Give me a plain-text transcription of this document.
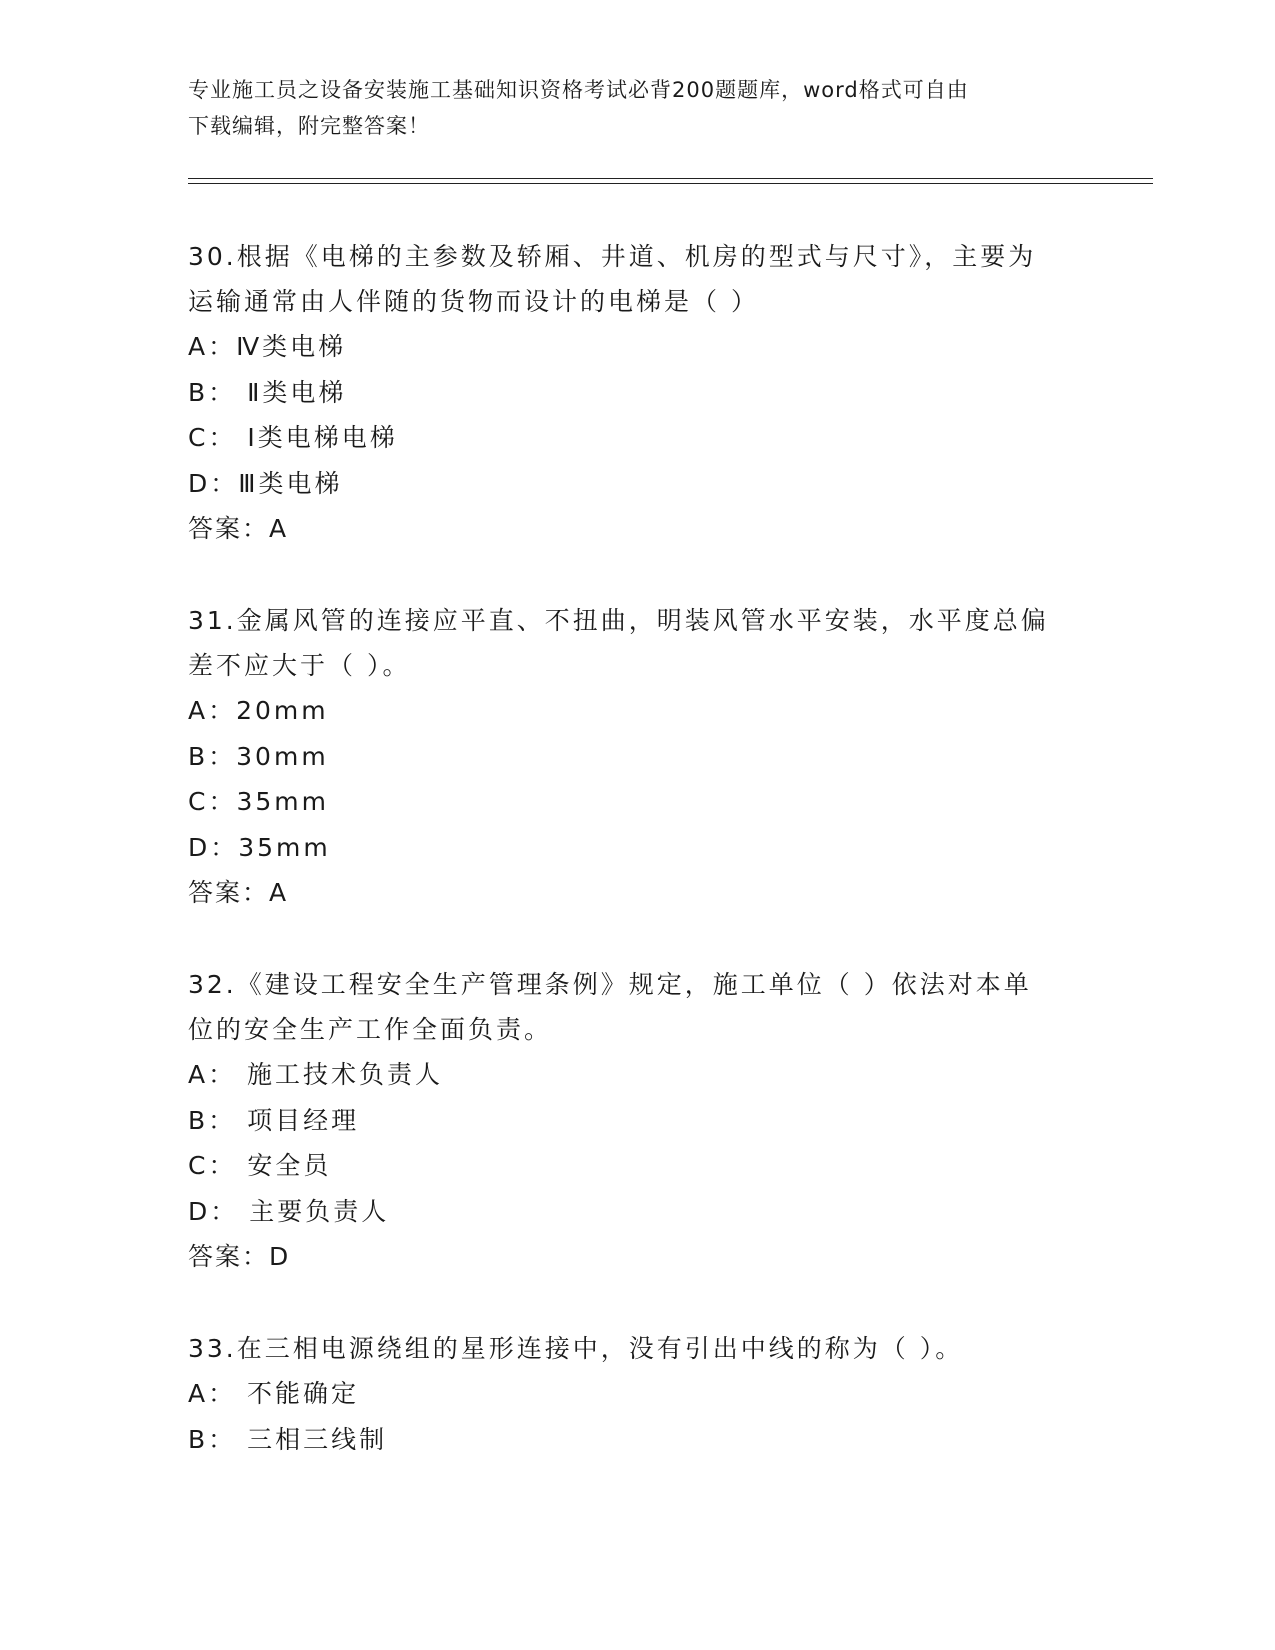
专业施工员之设备安装施工基础知识资格考试必背200题题库，word格式可自由
下载编辑，附完整答案！
30.根据《电梯的主参数及轿厢、井道、机房的型式与尺寸》，主要为
运输通常由人伴随的货物而设计的电梯是（ ）
A：Ⅳ类电梯
B： Ⅱ类电梯
C： Ⅰ类电梯电梯
D：Ⅲ类电梯
答案：A
31.金属风管的连接应平直、不扭曲，明装风管水平安装，水平度总偏
差不应大于（ ）。
A：20mm
B：30mm
C：35mm
D：35mm
答案：A
32.《建设工程安全生产管理条例》规定，施工单位（ ）依法对本单
位的安全生产工作全面负责。
A： 施工技术负责人
B： 项目经理
C： 安全员
D： 主要负责人
答案：D
33.在三相电源绕组的星形连接中，没有引出中线的称为（ ）。
A： 不能确定
B： 三相三线制
